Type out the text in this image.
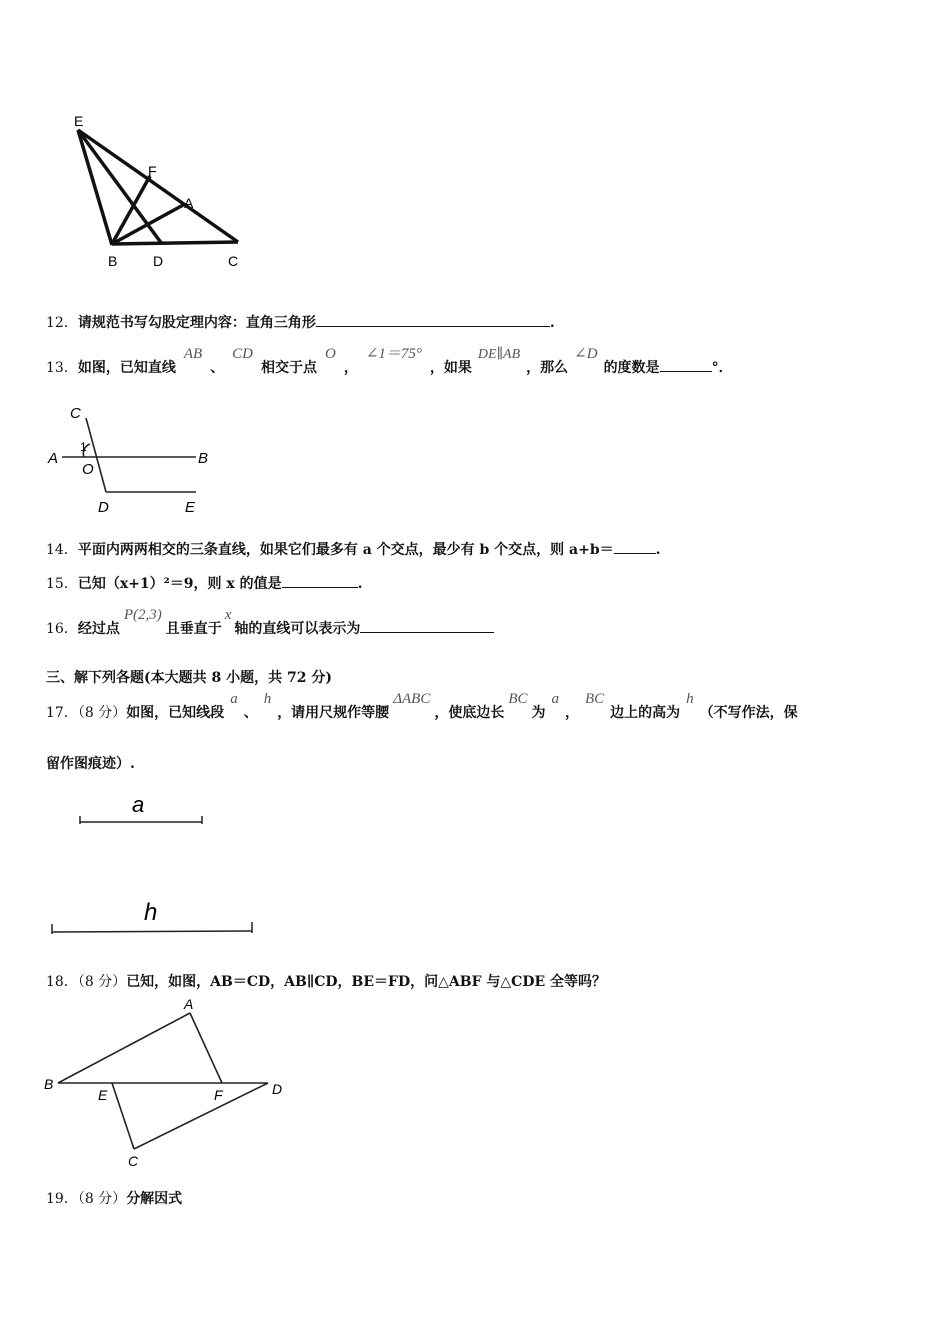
E
F
A
B	D	C
12．请规范书写勾股定理内容：直角三角形	.
13．如图，已知直线AB、CD相交于点O，∠1＝75°，如果DE∥AB，那么∠D的度数是	°．
C
1
A
O
B
D	E
14．平面内两两相交的三条直线，如果它们最多有 a 个交点，最少有 b 个交点，则 a+b＝	.
15．已知（x+1）²＝9，则 x 的值是	.
16．经过点P(2,3)且垂直于x轴的直线可以表示为
三、解下列各题(本大题共 8 小题，共 72 分)
17．（8 分）如图，已知线段a、h，请用尺规作等腰ΔABC，使底边长BC为a，BC边上的高为h（不写作法，保
留作图痕迹）.
a
h
18．（8 分）已知，如图，AB＝CD，AB∥CD，BE＝FD，问△ABF 与△CDE 全等吗？
A
B
E	F	D
C
19．（8 分）分解因式
